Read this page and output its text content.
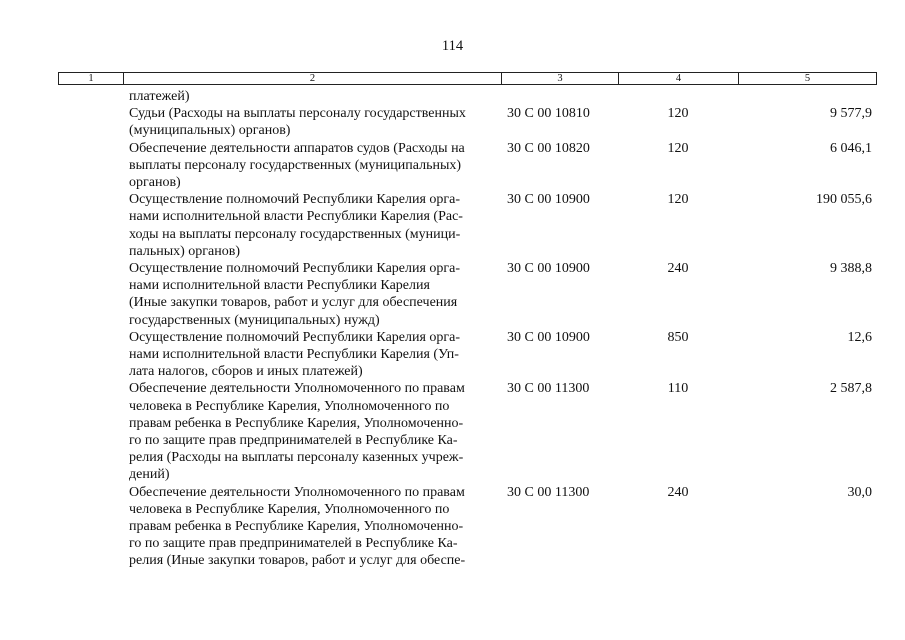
114
1	2	3	4	5
платежей)
Судьи (Расходы на выплаты персоналу государственных
(муниципальных) органов)
30 С 00 10810	120	9 577,9
Обеспечение деятельности аппаратов судов (Расходы на
выплаты персоналу государственных (муниципальных)
органов)
30 С 00 10820	120	6 046,1
Осуществление полномочий Республики Карелия орга-
нами исполнительной власти Республики Карелия (Рас-
ходы на выплаты персоналу государственных (муници-
пальных) органов)
30 С 00 10900	120	190 055,6
Осуществление полномочий Республики Карелия орга-
нами исполнительной власти Республики Карелия
(Иные закупки товаров, работ и услуг для обеспечения
государственных (муниципальных) нужд)
30 С 00 10900	240	9 388,8
Осуществление полномочий Республики Карелия орга-
нами исполнительной власти Республики Карелия (Уп-
лата налогов, сборов и иных платежей)
30 С 00 10900	850	12,6
Обеспечение деятельности Уполномоченного по правам
человека в Республике Карелия, Уполномоченного по
правам ребенка в Республике Карелия, Уполномоченно-
го по защите прав предпринимателей в Республике Ка-
релия (Расходы на выплаты персоналу казенных учреж-
дений)
30 С 00 11300	110	2 587,8
Обеспечение деятельности Уполномоченного по правам
человека в Республике Карелия, Уполномоченного по
правам ребенка в Республике Карелия, Уполномоченно-
го по защите прав предпринимателей в Республике Ка-
релия (Иные закупки товаров, работ и услуг для обеспе-
30 С 00 11300	240	30,0
